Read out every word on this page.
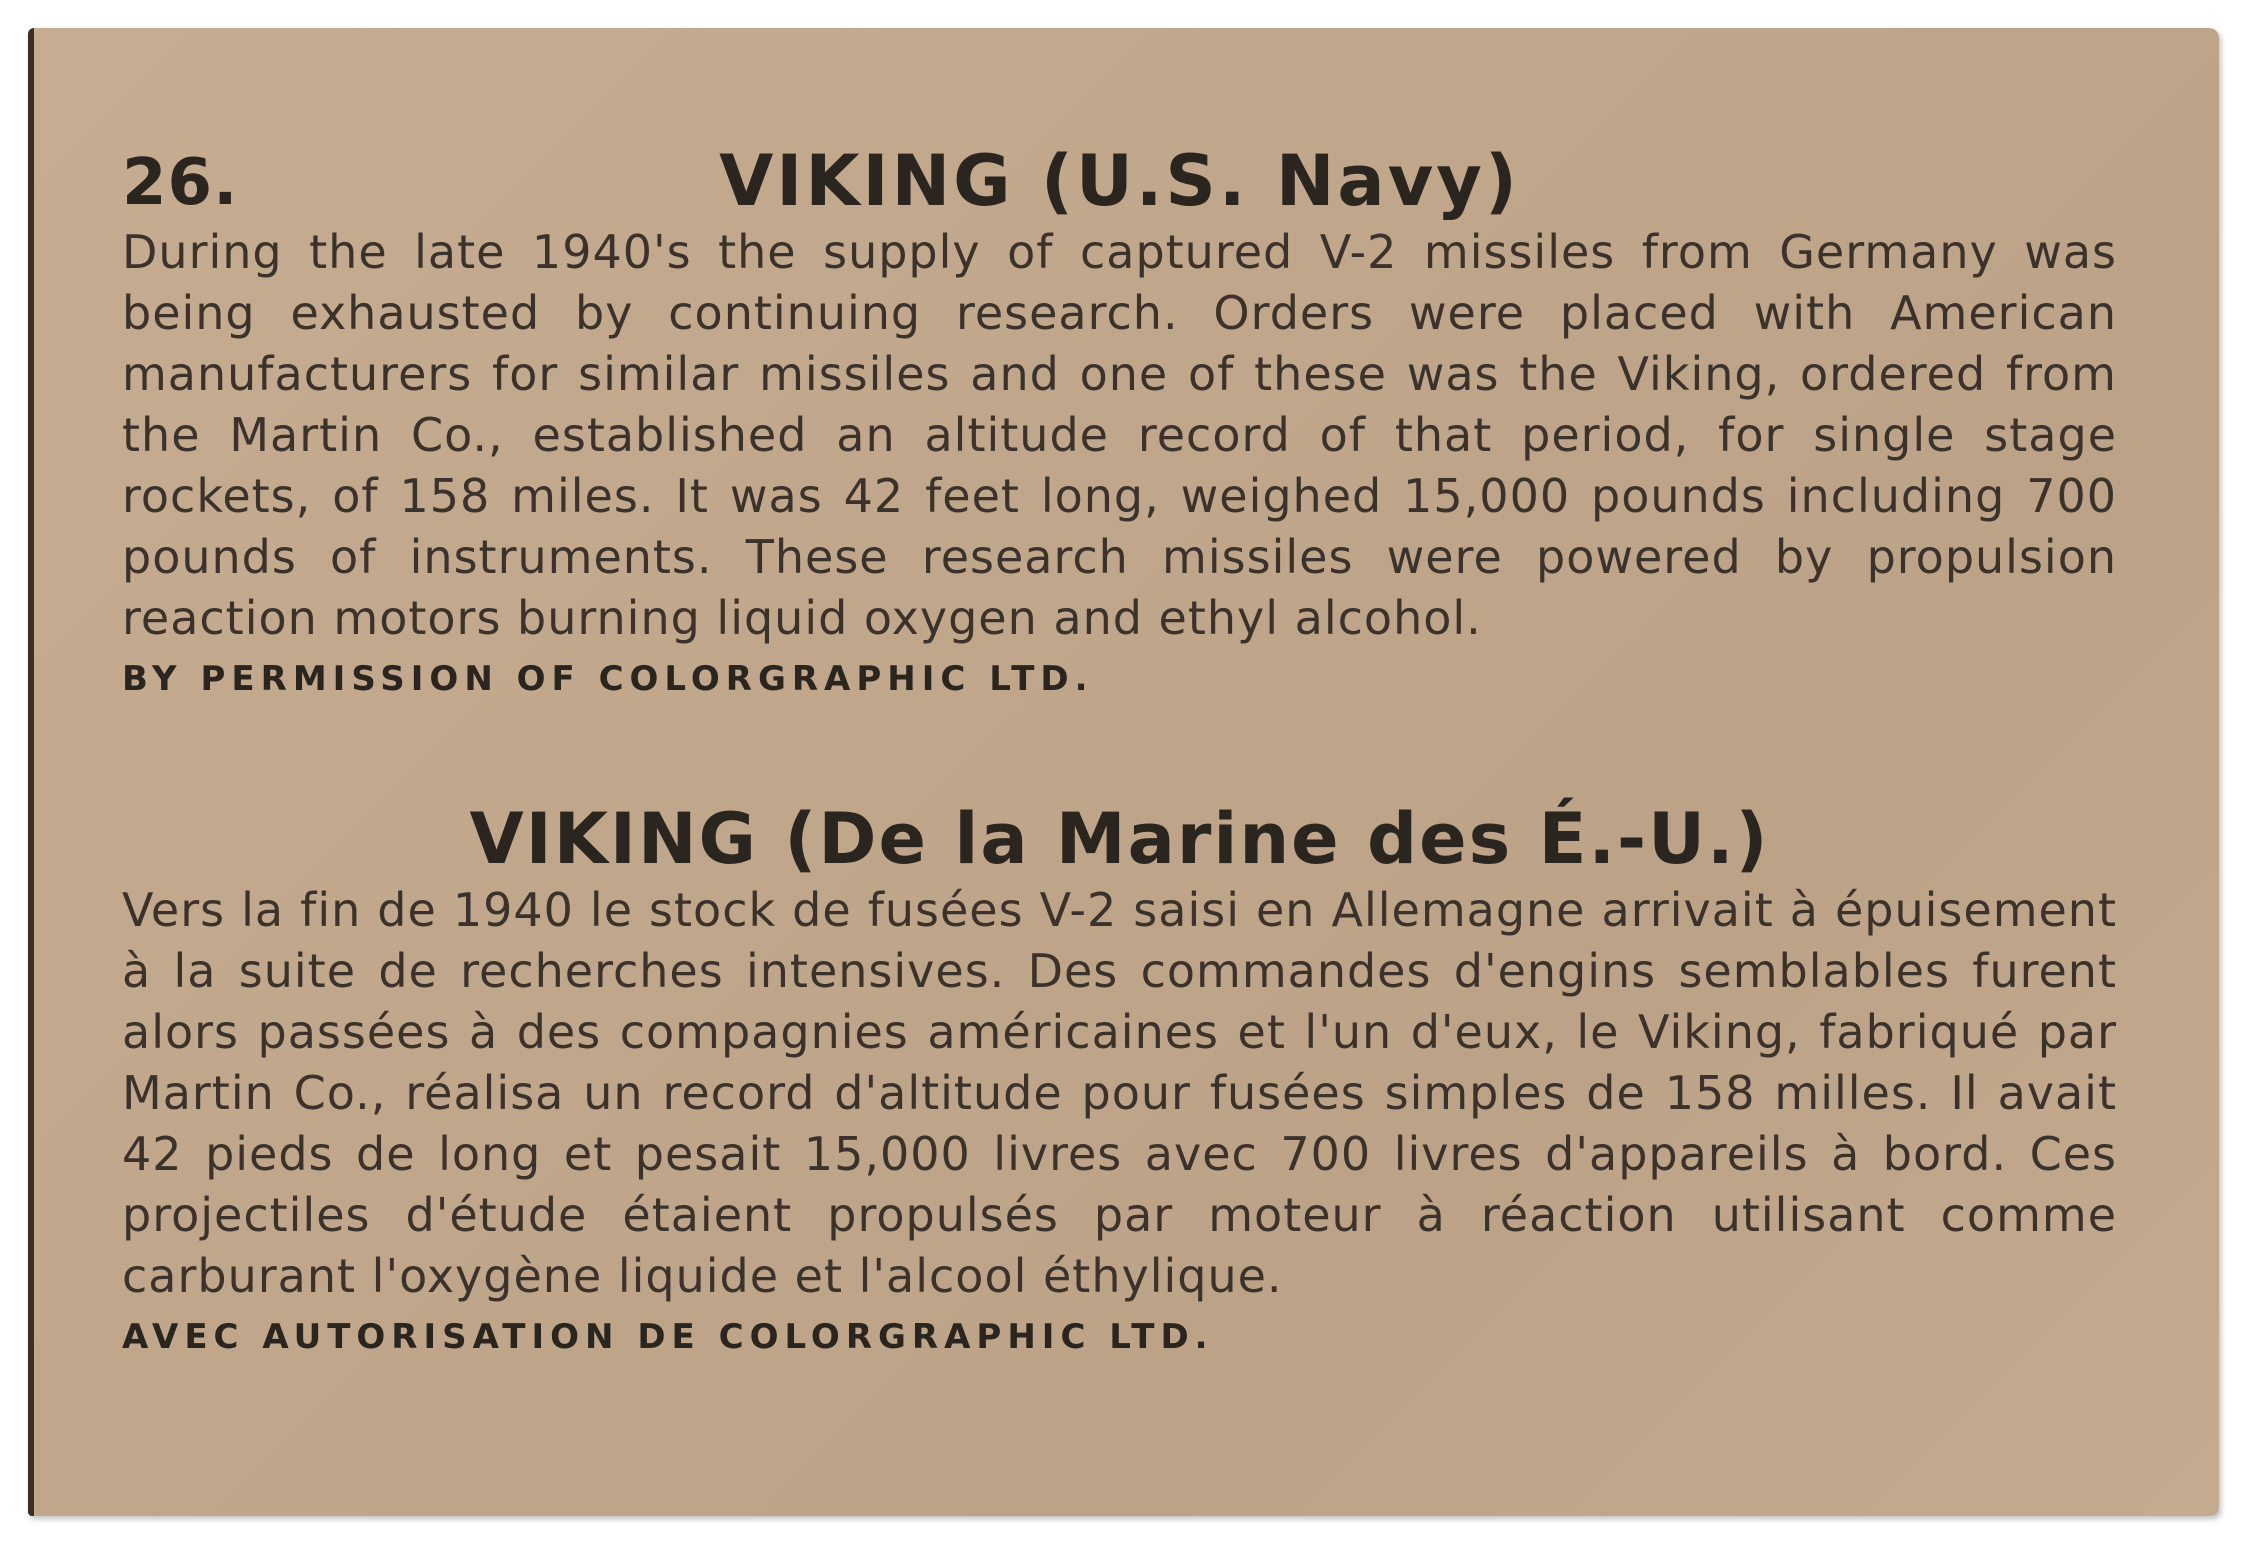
26.	VIKING (U.S. Navy)
During the late 1940's the supply of captured V-2 missiles from Germany was being exhausted by continuing research. Orders were placed with American manufacturers for similar missiles and one of these was the Viking, ordered from the Martin Co., established an altitude record of that period, for single stage rockets, of 158 miles. It was 42 feet long, weighed 15,000 pounds including 700 pounds of instruments. These research missiles were powered by propulsion reaction motors burning liquid oxygen and ethyl alcohol.
BY PERMISSION OF COLORGRAPHIC LTD.
VIKING (De la Marine des É.-U.)
Vers la fin de 1940 le stock de fusées V-2 saisi en Allemagne arrivait à épuisement à la suite de recherches intensives. Des commandes d'engins semblables furent alors passées à des compagnies américaines et l'un d'eux, le Viking, fabriqué par Martin Co., réalisa un record d'altitude pour fusées simples de 158 milles. Il avait 42 pieds de long et pesait 15,000 livres avec 700 livres d'appareils à bord. Ces projectiles d'étude étaient propulsés par moteur à réaction utilisant comme carburant l'oxygène liquide et l'alcool éthylique.
AVEC AUTORISATION DE COLORGRAPHIC LTD.
